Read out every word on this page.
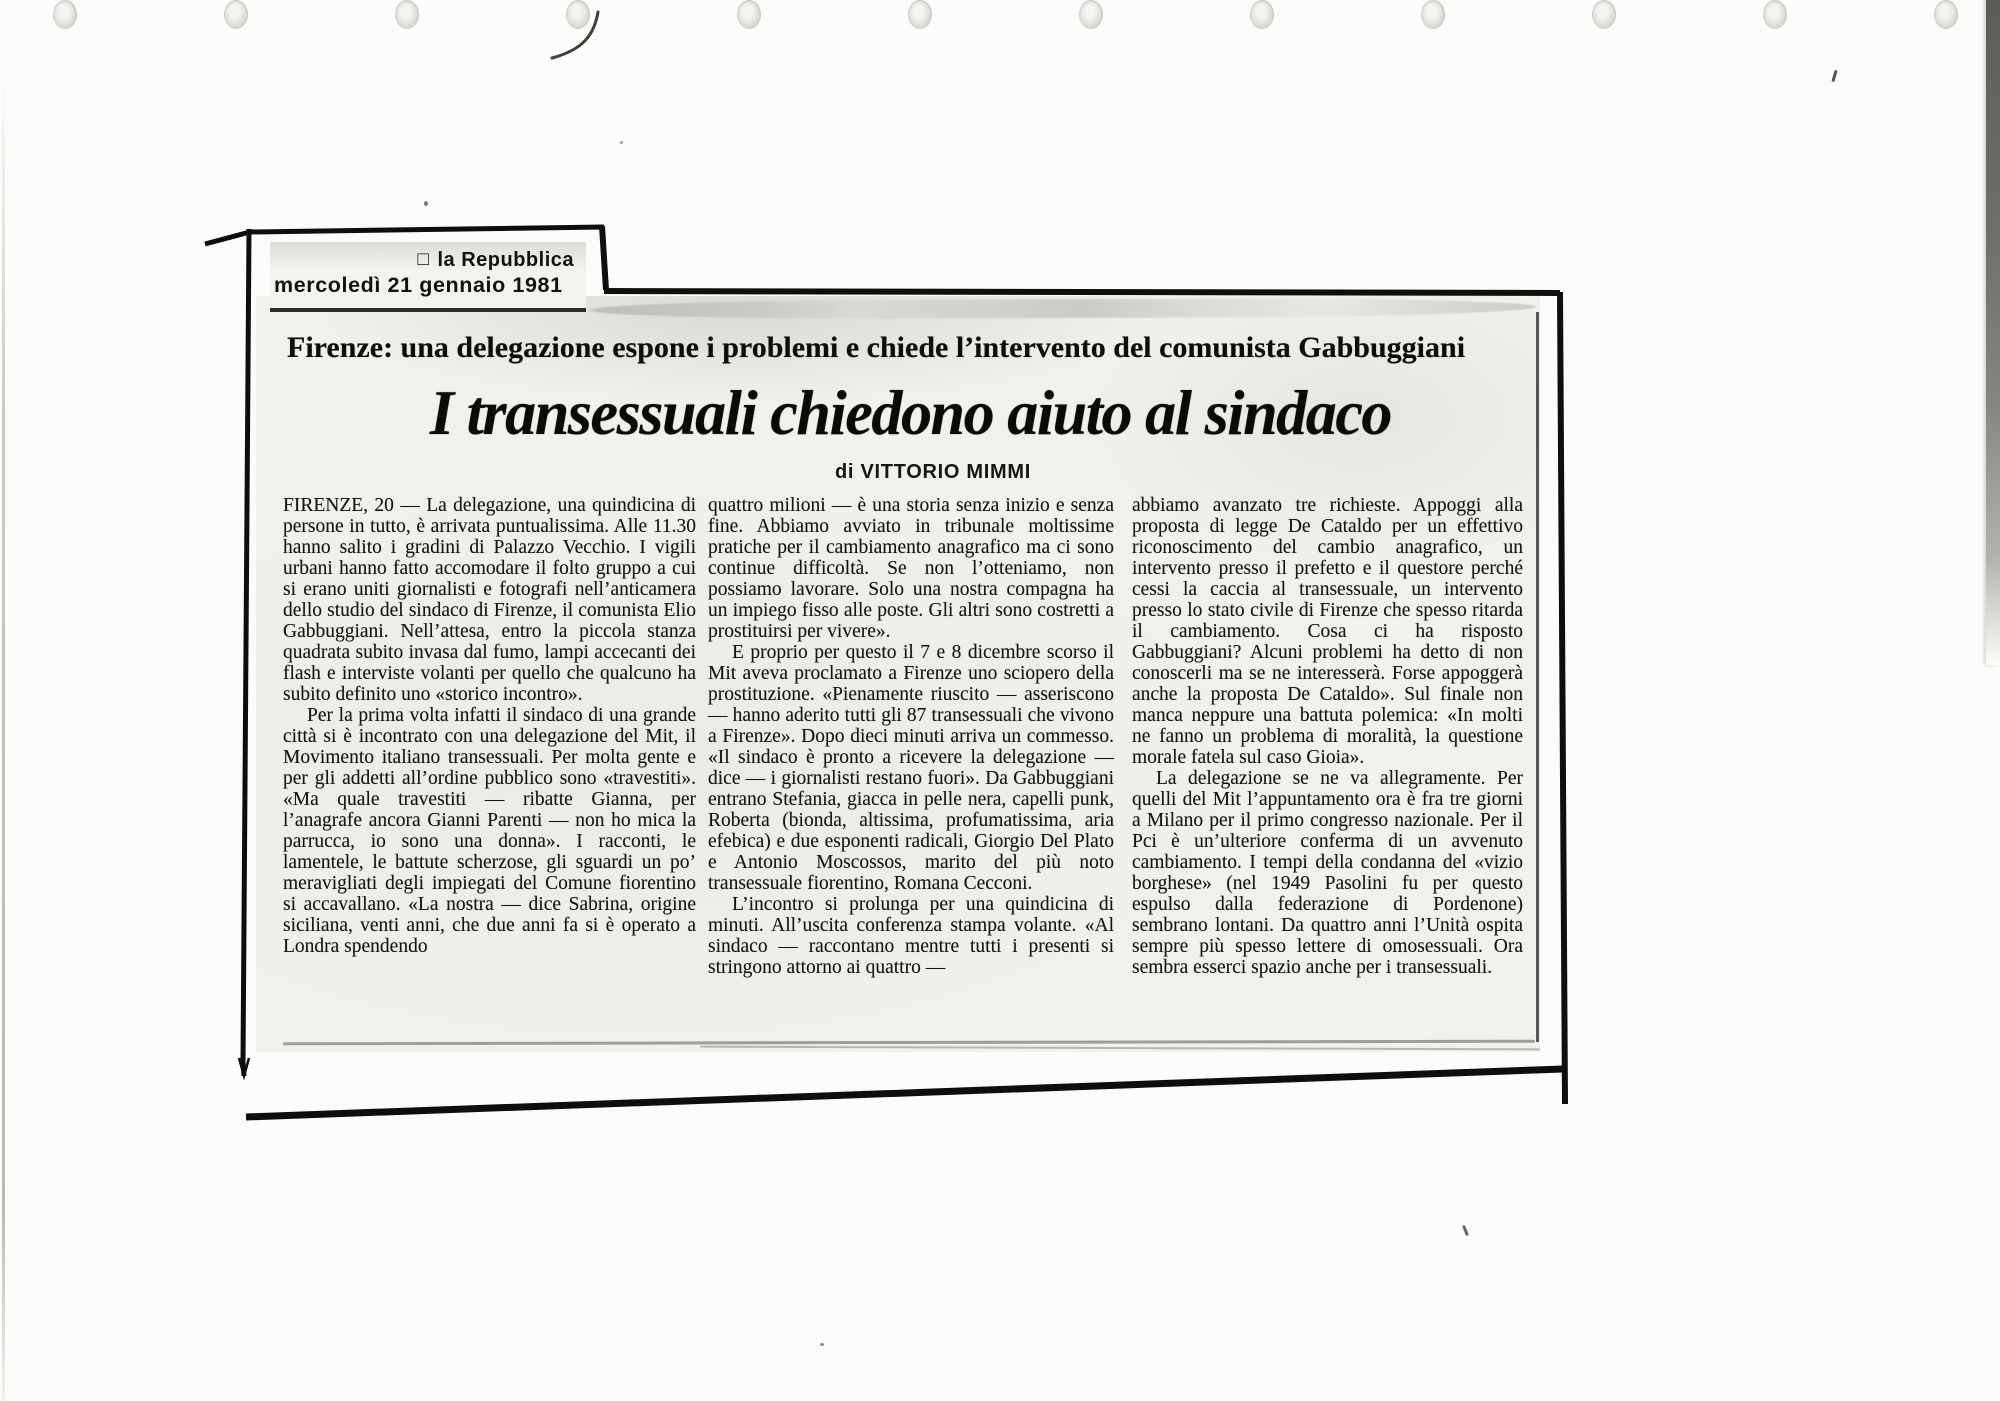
□ la Repubblica
mercoledì 21 gennaio 1981
Firenze: una delegazione espone i problemi e chiede l’intervento del comunista Gabbuggiani
I transessuali chiedono aiuto al sindaco
di VITTORIO MIMMI

FIRENZE, 20 — La delegazione, una quindicina di persone in tutto, è arrivata puntualissima. Alle 11.30 hanno salito i gradini di Palazzo Vecchio. I vigili urbani hanno fatto accomodare il folto gruppo a cui si erano uniti giornalisti e fotografi nell’anticamera dello studio del sindaco di Firenze, il comunista Elio Gabbuggiani. Nell’attesa, entro la piccola stanza quadrata subito invasa dal fumo, lampi accecanti dei flash e interviste volanti per quello che qualcuno ha subito definito uno «storico incontro».

Per la prima volta infatti il sindaco di una grande città si è incontrato con una delegazione del Mit, il Movimento italiano transessuali. Per molta gente e per gli addetti all’ordine pubblico sono «travestiti». «Ma quale travestiti — ribatte Gianna, per l’anagrafe ancora Gianni Parenti — non ho mica la parrucca, io sono una donna». I racconti, le lamentele, le battute scherzose, gli sguardi un po’ meravigliati degli impiegati del Comune fiorentino si accavallano. «La nostra — dice Sabrina, origine siciliana, venti anni, che due anni fa si è operato a Londra spendendo

quattro milioni — è una storia senza inizio e senza fine. Abbiamo avviato in tribunale moltissime pratiche per il cambiamento anagrafico ma ci sono continue difficoltà. Se non l’otteniamo, non possiamo lavorare. Solo una nostra compagna ha un impiego fisso alle poste. Gli altri sono costretti a prostituirsi per vivere».

E proprio per questo il 7 e 8 dicembre scorso il Mit aveva proclamato a Firenze uno sciopero della prostituzione. «Pienamente riuscito — asseriscono — hanno aderito tutti gli 87 transessuali che vivono a Firenze». Dopo dieci minuti arriva un commesso. «Il sindaco è pronto a ricevere la delegazione — dice — i giornalisti restano fuori». Da Gabbuggiani entrano Stefania, giacca in pelle nera, capelli punk, Roberta (bionda, altissima, profumatissima, aria efebica) e due esponenti radicali, Giorgio Del Plato e Antonio Moscossos, marito del più noto transessuale fiorentino, Romana Cecconi.

L’incontro si prolunga per una quindicina di minuti. All’uscita conferenza stampa volante. «Al sindaco — raccontano mentre tutti i presenti si stringono attorno ai quattro —

abbiamo avanzato tre richieste. Appoggi alla proposta di legge De Cataldo per un effettivo riconoscimento del cambio anagrafico, un intervento presso il prefetto e il questore perché cessi la caccia al transessuale, un intervento presso lo stato civile di Firenze che spesso ritarda il cambiamento. Cosa ci ha risposto Gabbuggiani? Alcuni problemi ha detto di non conoscerli ma se ne interesserà. Forse appoggerà anche la proposta De Cataldo». Sul finale non manca neppure una battuta polemica: «In molti ne fanno un problema di moralità, la questione morale fatela sul caso Gioia».

La delegazione se ne va allegramente. Per quelli del Mit l’appuntamento ora è fra tre giorni a Milano per il primo congresso nazionale. Per il Pci è un’ulteriore conferma di un avvenuto cambiamento. I tempi della condanna del «vizio borghese» (nel 1949 Pasolini fu per questo espulso dalla federazione di Pordenone) sembrano lontani. Da quattro anni l’Unità ospita sempre più spesso lettere di omosessuali. Ora sembra esserci spazio anche per i transessuali.
